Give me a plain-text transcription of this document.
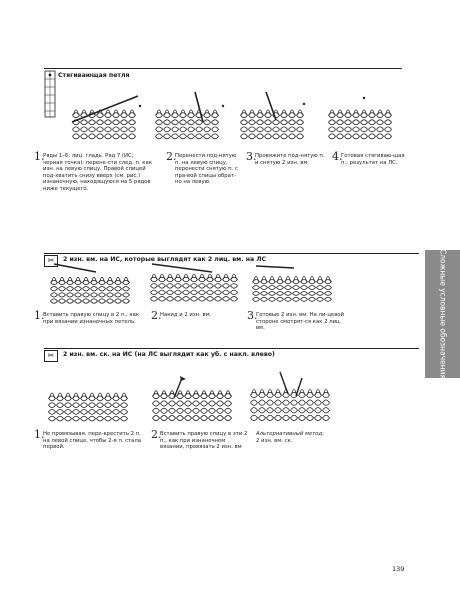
Стягивающая петля
1.
Ряды 1–6: лиц. гладь. Ряд 7 (ИС; черная точка): перене-сти след. п. как изн. на левую спицу. Правой спицей под-хватить снизу вверх (см. рис.) изнаночную, находящуюся на 5 рядов ниже текущего.
2.
Перенести под-нятую п. на левую спицу, перенести снятую п. с пра-вой спицы обрат-но на левую.
3.
Провяжите под-нятую п. и снятую 2 изн. вм.	4.
Готовая стягиваю-щая п.; результат на ЛС.
✂	2 изн. вм. на ИС, которые выглядят как 2 лиц. вм. на ЛС
1.
Вставить правую спицу в 2 п., как при вязании изнаночных петель.	2.
Накид и 2 изн. вм.	3.
Готовые 2 изн. вм. На ли-цевой стороне смотрят-ся как 2 лиц. вм.
✂	2 изн. вм. ск. на ИС (на ЛС выглядит как уб. с накл. влево)
1.
Не провязывая, пере-крестить 2 п. на левой спице, чтобы 2-я п. стала первой.
2.
Вставить правую спицу в эти 2 п., как при изнаночном вязании, провязать 2 изн. вм
Альтернативный метод:
2 изн. вм. ск.
Сложные условные обозначения
139
